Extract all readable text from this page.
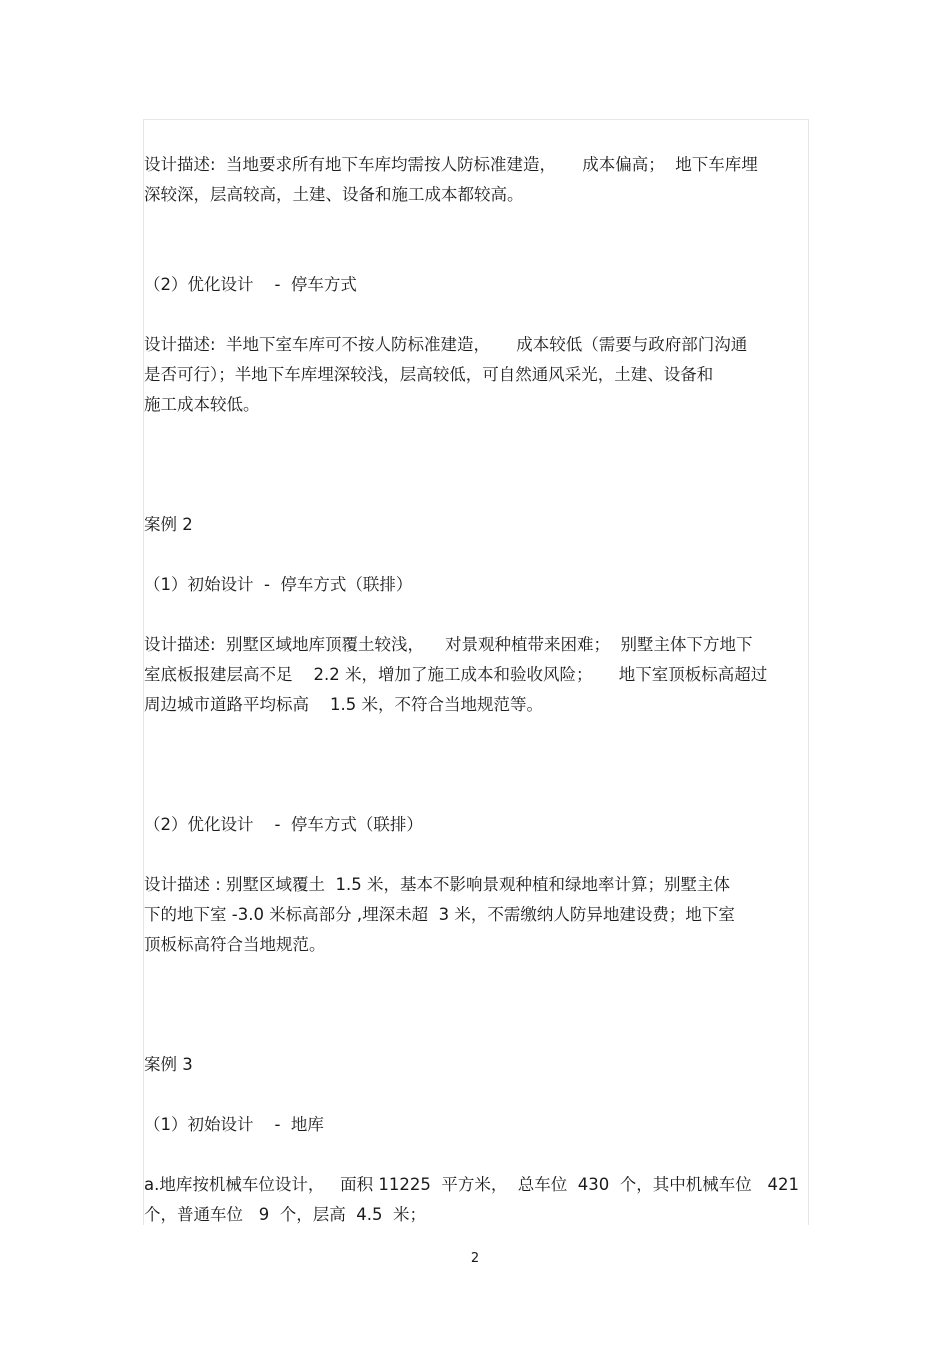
设计描述:  当地要求所有地下车库均需按人防标准建造，     成本偏高；  地下车库埋
深较深，层高较高，土建、设备和施工成本都较高。
（2）优化设计    -  停车方式
设计描述:  半地下室车库可不按人防标准建造，     成本较低（需要与政府部门沟通
是否可行）；半地下车库埋深较浅，层高较低，可自然通风采光，土建、设备和
施工成本较低。
案例 2
（1）初始设计  -  停车方式（联排）
设计描述:  别墅区域地库顶覆土较浅，    对景观种植带来困难；  别墅主体下方地下
室底板报建层高不足    2.2 米，增加了施工成本和验收风险；     地下室顶板标高超过
周边城市道路平均标高    1.5 米，不符合当地规范等。
（2）优化设计    -  停车方式（联排）
设计描述 : 别墅区域覆土  1.5 米，基本不影响景观种植和绿地率计算；别墅主体
下的地下室 -3.0 米标高部分 ,埋深未超  3 米，不需缴纳人防异地建设费；地下室
顶板标高符合当地规范。
案例 3
（1）初始设计    -  地库
a.地库按机械车位设计，   面积 11225  平方米，  总车位  430  个，其中机械车位   421
个，普通车位   9  个，层高  4.5  米；
2
